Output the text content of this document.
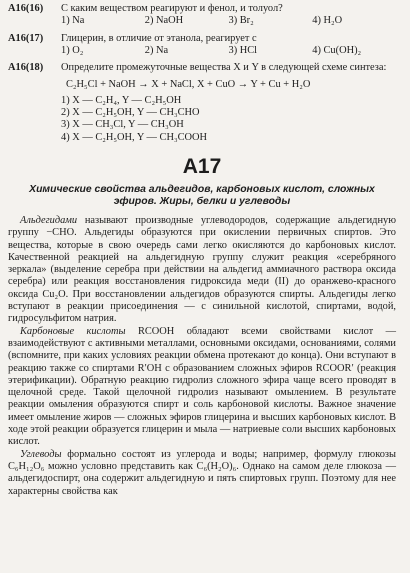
A16(16)	С каким веществом реагируют и фенол, и толуол?
1) Na	2) NaOH	3) Br₂	4) H₂O
A16(17)	Глицерин, в отличие от этанола, реагирует с
1) O₂	2) Na	3) HCl	4) Cu(OH)₂
A16(18)	Определите промежуточные вещества X и Y в следующей схеме синтеза:
C₂H₅Cl + NaOH → X + NaCl, X + CuO → Y + Cu + H₂O
1) X — C₂H₄, Y — C₂H₅OH
2) X — C₂H₅OH, Y — CH₃CHO
3) X — CH₃Cl, Y — CH₃OH
4) X — C₂H₅OH, Y — CH₃COOH
A17
Химические свойства альдегидов, карбоновых кислот, сложных эфиров. Жиры, белки и углеводы

Альдегидами называют производные углеводородов, содержащие альдегидную группу −CHO. Альдегиды образуются при окислении первичных спиртов. Это вещества, которые в свою очередь сами легко окисляются до карбоновых кислот. Качественной реакцией на альдегидную группу служит реакция «серебряного зеркала» (выделение серебра при действии на альдегид аммиачного раствора оксида серебра) или реакция восстановления гидроксида меди (II) до оранжево-красного оксида Cu₂O. При восстановлении альдегидов образуются спирты. Альдегиды легко вступают в реакции присоединения — с синильной кислотой, спиртами, водой, гидросульфитом натрия.

Карбоновые кислоты RCOOH обладают всеми свойствами кислот — взаимодействуют с активными металлами, основными оксидами, основаниями, солями (вспомните, при каких условиях реакции обмена протекают до конца). Они вступают в реакцию также со спиртами R′OH с образованием сложных эфиров RCOOR′ (реакция этерификации). Обратную реакцию гидролиз сложного эфира чаще всего проводят в щелочной среде. Такой щелочной гидролиз называют омылением. В результате реакции омыления образуются спирт и соль карбоновой кислоты. Важное значение имеет омыление жиров — сложных эфиров глицерина и высших карбоновых кислот. В ходе этой реакции образуется глицерин и мыла — натриевые соли высших карбоновых кислот.

Углеводы формально состоят из углерода и воды; например, формулу глюкозы C₆H₁₂O₆ можно условно представить как C₆(H₂O)₆. Однако на самом деле глюкоза — альдегидоспирт, она содержит альдегидную и пять спиртовых групп. Поэтому для нее характерны свойства как
